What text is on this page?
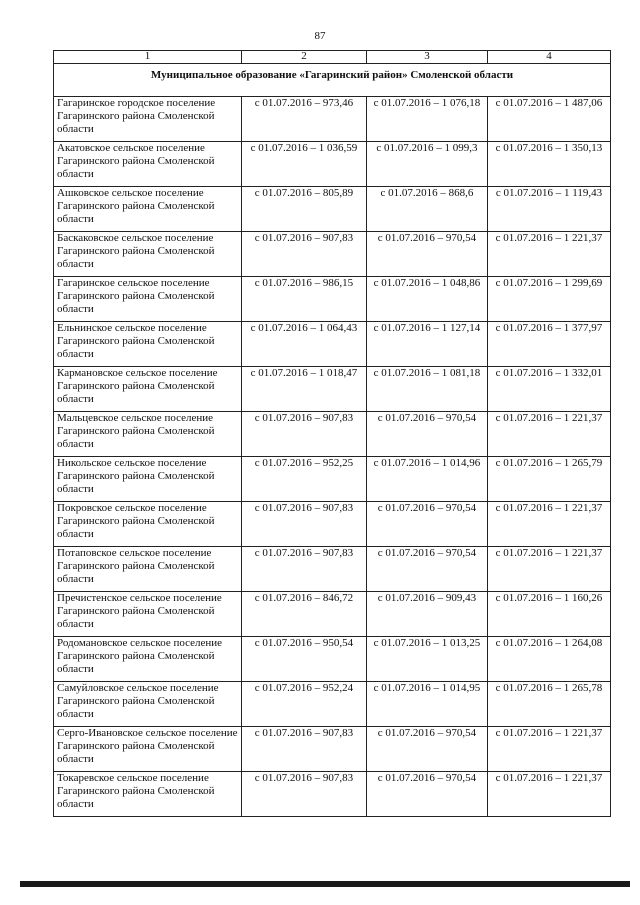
87
1	2	3	4
Муниципальное образование «Гагаринский район» Смоленской области			
Гагаринское городское поселение Гагаринского района Смоленской области	с 01.07.2016 – 973,46	с 01.07.2016 – 1 076,18	с 01.07.2016 – 1 487,06
Акатовское сельское поселение Гагаринского района Смоленской области	с 01.07.2016 – 1 036,59	с 01.07.2016 – 1 099,3	с 01.07.2016 – 1 350,13
Ашковское сельское поселение Гагаринского района Смоленской области	с 01.07.2016 – 805,89	с 01.07.2016 – 868,6	с 01.07.2016 – 1 119,43
Баскаковское сельское поселение Гагаринского района Смоленской области	с 01.07.2016 – 907,83	с 01.07.2016 – 970,54	с 01.07.2016 – 1 221,37
Гагаринское сельское поселение Гагаринского района Смоленской области	с 01.07.2016 – 986,15	с 01.07.2016 – 1 048,86	с 01.07.2016 – 1 299,69
Ельнинское сельское поселение Гагаринского района Смоленской области	с 01.07.2016 – 1 064,43	с 01.07.2016 – 1 127,14	с 01.07.2016 – 1 377,97
Кармановское сельское поселение Гагаринского района Смоленской области	с 01.07.2016 – 1 018,47	с 01.07.2016 – 1 081,18	с 01.07.2016 – 1 332,01
Мальцевское сельское поселение Гагаринского района Смоленской области	с 01.07.2016 – 907,83	с 01.07.2016 – 970,54	с 01.07.2016 – 1 221,37
Никольское сельское поселение Гагаринского района Смоленской области	с 01.07.2016 – 952,25	с 01.07.2016 – 1 014,96	с 01.07.2016 – 1 265,79
Покровское сельское поселение Гагаринского района Смоленской области	с 01.07.2016 – 907,83	с 01.07.2016 – 970,54	с 01.07.2016 – 1 221,37
Потаповское сельское поселение Гагаринского района Смоленской области	с 01.07.2016 – 907,83	с 01.07.2016 – 970,54	с 01.07.2016 – 1 221,37
Пречистенское сельское поселение Гагаринского района Смоленской области	с 01.07.2016 – 846,72	с 01.07.2016 – 909,43	с 01.07.2016 – 1 160,26
Родомановское сельское поселение Гагаринского района Смоленской области	с 01.07.2016 – 950,54	с 01.07.2016 – 1 013,25	с 01.07.2016 – 1 264,08
Самуйловское сельское поселение Гагаринского района Смоленской области	с 01.07.2016 – 952,24	с 01.07.2016 – 1 014,95	с 01.07.2016 – 1 265,78
Серго-Ивановское сельское поселение Гагаринского района Смоленской области	с 01.07.2016 – 907,83	с 01.07.2016 – 970,54	с 01.07.2016 – 1 221,37
Токаревское сельское поселение Гагаринского района Смоленской области	с 01.07.2016 – 907,83	с 01.07.2016 – 970,54	с 01.07.2016 – 1 221,37
